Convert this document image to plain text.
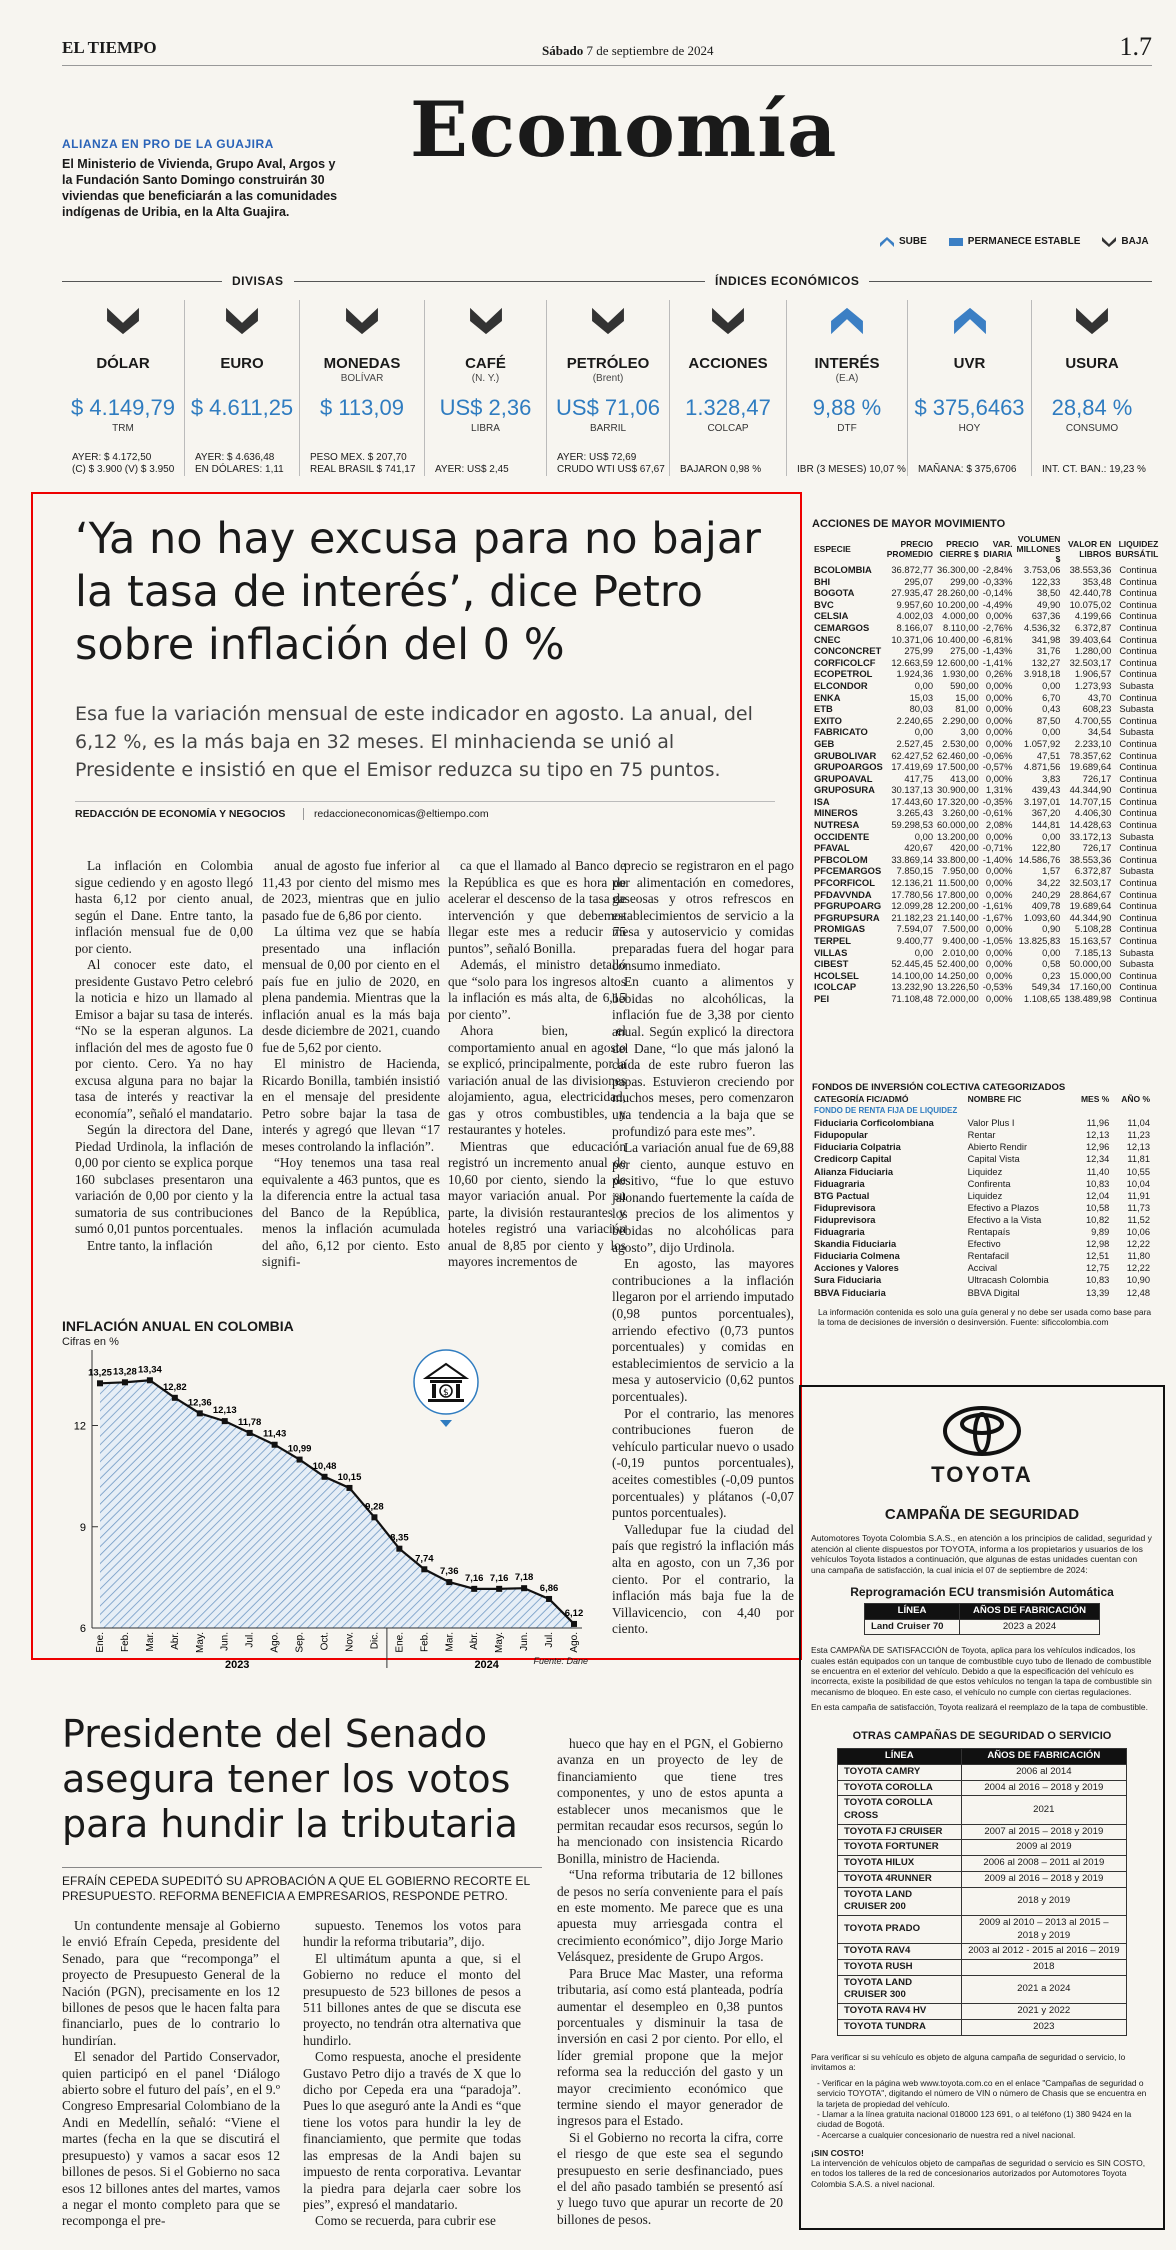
EL TIEMPO	Sábado 7 de septiembre de 2024	1.7
Economía
ALIANZA EN PRO DE LA GUAJIRA
El Ministerio de Vivienda, Grupo Aval, Argos y la Fundación Santo Domingo construirán 30 viviendas que beneficiarán a las comunidades indígenas de Uribia, en la Alta Guajira.
SUBE	PERMANECE ESTABLE	BAJA
DIVISAS	ÍNDICES ECONÓMICOS
DÓLAR
$ 4.149,79
TRM
AYER: $ 4.172,50
(C) $ 3.900 (V) $ 3.950
EURO
$ 4.611,25
AYER: $ 4.636,48
EN DÓLARES: 1,11
MONEDAS
BOLÍVAR
$ 113,09
PESO MEX. $ 207,70
REAL BRASIL $ 741,17
CAFÉ
(N. Y.)
US$ 2,36
LIBRA
AYER: US$ 2,45
PETRÓLEO
(Brent)
US$ 71,06
BARRIL
AYER: US$ 72,69
CRUDO WTI US$ 67,67
ACCIONES
1.328,47
COLCAP
BAJARON 0,98 %
INTERÉS
(E.A)
9,88 %
DTF
IBR (3 MESES) 10,07 %
UVR
$ 375,6463
HOY
MAÑANA: $ 375,6706
USURA
28,84 %
CONSUMO
INT. CT. BAN.: 19,23 %
‘Ya no hay excusa para no bajar la tasa de interés’, dice Petro sobre inflación del 0 %
Esa fue la variación mensual de este indicador en agosto. La anual, del 6,12 %, es la más baja en 32 meses. El minhacienda se unió al Presidente e insistió en que el Emisor reduzca su tipo en 75 puntos.
REDACCIÓN DE ECONOMÍA Y NEGOCIOS	redaccioneconomicas@eltiempo.com

La inflación en Colombia sigue cediendo y en agosto llegó hasta 6,12 por ciento anual, según el Dane. Entre tanto, la inflación mensual fue de 0,00 por ciento.

Al conocer este dato, el presidente Gustavo Petro celebró la noticia e hizo un llamado al Emisor a bajar su tasa de interés. “No se la esperan algunos. La inflación del mes de agosto fue 0 por ciento. Cero. Ya no hay excusa alguna para no bajar la tasa de interés y reactivar la economía”, señaló el mandatario.

Según la directora del Dane, Piedad Urdinola, la inflación de 0,00 por ciento se explica porque 160 subclases presentaron una variación de 0,00 por ciento y la sumatoria de sus contribuciones sumó 0,01 puntos porcentuales.

Entre tanto, la inflación

anual de agosto fue inferior al 11,43 por ciento del mismo mes de 2023, mientras que en julio pasado fue de 6,86 por ciento.

La última vez que se había presentado una inflación mensual de 0,00 por ciento en el país fue en julio de 2020, en plena pandemia. Mientras que la inflación anual es la más baja desde diciembre de 2021, cuando fue de 5,62 por ciento.

El ministro de Hacienda, Ricardo Bonilla, también insistió en el mensaje del presidente Petro sobre bajar la tasa de interés y agregó que llevan “17 meses controlando la inflación”.

“Hoy tenemos una tasa real equivalente a 463 puntos, que es la diferencia entre la actual tasa del Banco de la República, menos la inflación acumulada del año, 6,12 por ciento. Esto signifi-

ca que el llamado al Banco de la República es que es hora de acelerar el descenso de la tasa de intervención y que debemos llegar este mes a reducir 75 puntos”, señaló Bonilla.

Además, el ministro detalló que “solo para los ingresos altos la inflación es más alta, de 6,15 por ciento”.

Ahora bien, el comportamiento anual en agosto se explicó, principalmente, por la variación anual de las divisiones alojamiento, agua, electricidad, gas y otros combustibles, y restaurantes y hoteles.

Mientras que educación registró un incremento anual de 10,60 por ciento, siendo la de mayor variación anual. Por su parte, la división restaurantes y hoteles registró una variación anual de 8,85 por ciento y los mayores incrementos de

precio se registraron en el pago por alimentación en comedores, gaseosas y otros refrescos en establecimientos de servicio a la mesa y autoservicio y comidas preparadas fuera del hogar para consumo inmediato.

En cuanto a alimentos y bebidas no alcohólicas, la inflación fue de 3,38 por ciento anual. Según explicó la directora del Dane, “lo que más jalonó la caída de este rubro fueron las papas. Estuvieron creciendo por muchos meses, pero comenzaron una tendencia a la baja que se profundizó para este mes”.

La variación anual fue de 69,88 por ciento, aunque estuvo en positivo, “fue lo que estuvo jalonando fuertemente la caída de los precios de los alimentos y bebidas no alcohólicas para agosto”, dijo Urdinola.

En agosto, las mayores contribuciones a la inflación llegaron por el arriendo imputado (0,98 puntos porcentuales), arriendo efectivo (0,73 puntos porcentuales) y comidas en establecimientos de servicio a la mesa y autoservicio (0,62 puntos porcentuales).

Por el contrario, las menores contribuciones fueron de vehículo particular nuevo o usado (-0,19 puntos porcentuales), aceites comestibles (-0,09 puntos porcentuales) y plátanos (-0,07 puntos porcentuales).

Valledupar fue la ciudad del país que registró la inflación más alta en agosto, con un 7,36 por ciento. Por el contrario, la inflación más baja fue la de Villavicencio, con 4,40 por ciento.

INFLACIÓN ANUAL EN COLOMBIA
Cifras en %
6
9
12
13,25
Ene.
13,28
Feb.
13,34
Mar.
12,82
Abr.
12,36
May.
12,13
Jun.
11,78
Jul.
11,43
Ago.
10,99
Sep.
10,48
Oct.
10,15
Nov.
9,28
Dic.
8,35
Ene.
7,74
Feb.
7,36
Mar.
7,16
Abr.
7,16
May.
7,18
Jun.
6,86
Jul.
6,12
Ago.
2023	2024
$
Fuente: Dane
ACCIONES DE MAYOR MOVIMIENTO
ESPECIE	PRECIO PROMEDIO	PRECIO CIERRE $	VAR. DIARIA	VOLUMEN MILLONES $	VALOR EN LIBROS	LIQUIDEZ BURSÁTIL
BCOLOMBIA	36.872,77	36.300,00	-2,84%	3.753,06	38.553,36	Continua
BHI	295,07	299,00	-0,33%	122,33	353,48	Continua
BOGOTA	27.935,47	28.260,00	-0,14%	38,50	42.440,78	Continua
BVC	9.957,60	10.200,00	-4,49%	49,90	10.075,02	Continua
CELSIA	4.002,03	4.000,00	0,00%	637,36	4.199,66	Continua
CEMARGOS	8.166,07	8.110,00	-2,76%	4.536,32	6.372,87	Continua
CNEC	10.371,06	10.400,00	-6,81%	341,98	39.403,64	Continua
CONCONCRET	275,99	275,00	-1,43%	31,76	1.280,00	Continua
CORFICOLCF	12.663,59	12.600,00	-1,41%	132,27	32.503,17	Continua
ECOPETROL	1.924,36	1.930,00	0,26%	3.918,18	1.906,57	Continua
ELCONDOR	0,00	590,00	0,00%	0,00	1.273,93	Subasta
ENKA	15,03	15,00	0,00%	6,70	43,70	Continua
ETB	80,03	81,00	0,00%	0,43	608,23	Subasta
EXITO	2.240,65	2.290,00	0,00%	87,50	4.700,55	Continua
FABRICATO	0,00	3,00	0,00%	0,00	34,54	Subasta
GEB	2.527,45	2.530,00	0,00%	1.057,92	2.233,10	Continua
GRUBOLIVAR	62.427,52	62.460,00	-0,06%	47,51	78.357,62	Continua
GRUPOARGOS	17.419,69	17.500,00	-0,57%	4.871,56	19.689,64	Continua
GRUPOAVAL	417,75	413,00	0,00%	3,83	726,17	Continua
GRUPOSURA	30.137,13	30.900,00	1,31%	439,43	44.344,90	Continua
ISA	17.443,60	17.320,00	-0,35%	3.197,01	14.707,15	Continua
MINEROS	3.265,43	3.260,00	-0,61%	367,20	4.406,30	Continua
NUTRESA	59.298,53	60.000,00	2,08%	144,81	14.428,63	Continua
OCCIDENTE	0,00	13.200,00	0,00%	0,00	33.172,13	Subasta
PFAVAL	420,67	420,00	-0,71%	122,80	726,17	Continua
PFBCOLOM	33.869,14	33.800,00	-1,40%	14.586,76	38.553,36	Continua
PFCEMARGOS	7.850,15	7.950,00	0,00%	1,57	6.372,87	Subasta
PFCORFICOL	12.136,21	11.500,00	0,00%	34,22	32.503,17	Continua
PFDAVVNDA	17.780,56	17.800,00	0,00%	240,29	28.864,67	Continua
PFGRUPOARG	12.099,28	12.200,00	-1,61%	409,78	19.689,64	Continua
PFGRUPSURA	21.182,23	21.140,00	-1,67%	1.093,60	44.344,90	Continua
PROMIGAS	7.594,07	7.500,00	0,00%	0,90	5.108,28	Continua
TERPEL	9.400,77	9.400,00	-1,05%	13.825,83	15.163,57	Continua
VILLAS	0,00	2.010,00	0,00%	0,00	7.185,13	Subasta
CIBEST	52.445,45	52.400,00	0,00%	0,58	50.000,00	Subasta
HCOLSEL	14.100,00	14.250,00	0,00%	0,23	15.000,00	Continua
ICOLCAP	13.232,90	13.226,50	-0,53%	549,34	17.160,00	Continua
PEI	71.108,48	72.000,00	0,00%	1.108,65	138.489,98	Continua
FONDOS DE INVERSIÓN COLECTIVA CATEGORIZADOS
CATEGORÍA FIC/ADMÓ	NOMBRE FIC	MES %	AÑO %
FONDO DE RENTA FIJA DE LIQUIDEZ			
Fiduciaria Corficolombiana	Valor Plus I	11,96	11,04
Fidupopular	Rentar	12,13	11,23
Fiduciaria Colpatria	Abierto Rendir	12,96	12,13
Credicorp Capital	Capital Vista	12,34	11,81
Alianza Fiduciaria	Liquidez	11,40	10,55
Fiduagraria	Confirenta	10,83	10,04
BTG Pactual	Liquidez	12,04	11,91
Fiduprevisora	Efectivo a Plazos	10,58	11,73
Fiduprevisora	Efectivo a la Vista	10,82	11,52
Fiduagraria	Rentapaís	9,89	10,06
Skandia Fiduciaria	Efectivo	12,98	12,22
Fiduciaria Colmena	Rentafacil	12,51	11,80
Acciones y Valores	Accival	12,75	12,22
Sura Fiduciaria	Ultracash Colombia	10,83	10,90
BBVA Fiduciaria	BBVA Digital	13,39	12,48
La información contenida es solo una guía general y no debe ser usada como base para la toma de decisiones de inversión o desinversión. Fuente: sificcolombia.com
TOYOTA
CAMPAÑA DE SEGURIDAD
Automotores Toyota Colombia S.A.S., en atención a los principios de calidad, seguridad y atención al cliente dispuestos por TOYOTA, informa a los propietarios y usuarios de los vehículos Toyota listados a continuación, que algunas de estas unidades cuentan con una campaña de satisfacción, la cual inicia el 07 de septiembre de 2024:
Reprogramación ECU transmisión Automática
LÍNEA	AÑOS DE FABRICACIÓN
Land Cruiser 70	2023 a 2024
Esta CAMPAÑA DE SATISFACCIÓN de Toyota, aplica para los vehículos indicados, los cuales están equipados con un tanque de combustible cuyo tubo de llenado de combustible se encuentra en el exterior del vehículo. Debido a que la especificación del vehículo es incorrecta, existe la posibilidad de que estos vehículos no tengan la tapa de combustible sin mecanismo de bloqueo. En este caso, el vehículo no cumple con ciertas regulaciones.
En esta campaña de satisfacción, Toyota realizará el reemplazo de la tapa de combustible.
OTRAS CAMPAÑAS DE SEGURIDAD O SERVICIO
LÍNEA	AÑOS DE FABRICACIÓN
TOYOTA CAMRY	2006 al 2014
TOYOTA COROLLA	2004 al 2016 – 2018 y 2019
TOYOTA COROLLA CROSS	2021
TOYOTA FJ CRUISER	2007 al 2015 – 2018 y 2019
TOYOTA FORTUNER	2009 al 2019
TOYOTA HILUX	2006 al 2008 – 2011 al 2019
TOYOTA 4RUNNER	2009 al 2016 – 2018 y 2019
TOYOTA LAND CRUISER 200	2018 y 2019
TOYOTA PRADO	2009 al 2010 – 2013 al 2015 – 2018 y 2019
TOYOTA RAV4	2003 al 2012 - 2015 al 2016 – 2019
TOYOTA RUSH	2018
TOYOTA LAND CRUISER 300	2021 a 2024
TOYOTA RAV4 HV	2021 y 2022
TOYOTA TUNDRA	2023
Para verificar si su vehículo es objeto de alguna campaña de seguridad o servicio, lo invitamos a:
- Verificar en la página web www.toyota.com.co en el enlace "Campañas de seguridad o servicio TOYOTA", digitando el número de VIN o número de Chasis que se encuentra en la tarjeta de propiedad del vehículo.
- Llamar a la línea gratuita nacional 018000 123 691, o al teléfono (1) 380 9424 en la ciudad de Bogotá.
- Acercarse a cualquier concesionario de nuestra red a nivel nacional.
¡SIN COSTO!
La intervención de vehículos objeto de campañas de seguridad o servicio es SIN COSTO, en todos los talleres de la red de concesionarios autorizados por Automotores Toyota Colombia S.A.S. a nivel nacional.
Presidente del Senado asegura tener los votos para hundir la tributaria
EFRAÍN CEPEDA SUPEDITÓ SU APROBACIÓN A QUE EL GOBIERNO RECORTE EL PRESUPUESTO. REFORMA BENEFICIA A EMPRESARIOS, RESPONDE PETRO.

Un contundente mensaje al Gobierno le envió Efraín Cepeda, presidente del Senado, para que “recomponga” el proyecto de Presupuesto General de la Nación (PGN), precisamente en los 12 billones de pesos que le hacen falta para financiarlo, pues de lo contrario lo hundirían.

El senador del Partido Conservador, quien participó en el panel ‘Diálogo abierto sobre el futuro del país’, en el 9.º Congreso Empresarial Colombiano de la Andi en Medellín, señaló: “Viene el martes (fecha en la que se discutirá el presupuesto) y vamos a sacar esos 12 billones de pesos. Si el Gobierno no saca esos 12 billones antes del martes, vamos a negar el monto completo para que se recomponga el pre-

supuesto. Tenemos los votos para hundir la reforma tributaria”, dijo.

El ultimátum apunta a que, si el Gobierno no reduce el monto del presupuesto de 523 billones de pesos a 511 billones antes de que se discuta ese proyecto, no tendrán otra alternativa que hundirlo.

Como respuesta, anoche el presidente Gustavo Petro dijo a través de X que lo dicho por Cepeda era una “paradoja”. Pues lo que aseguró ante la Andi es “que tiene los votos para hundir la ley de financiamiento, que permite que todas las empresas de la Andi bajen su impuesto de renta corporativa. Levantar la piedra para dejarla caer sobre los pies”, expresó el mandatario.

Como se recuerda, para cubrir ese

hueco que hay en el PGN, el Gobierno avanza en un proyecto de ley de financiamiento que tiene tres componentes, y uno de estos apunta a establecer unos mecanismos que le permitan recaudar esos recursos, según lo ha mencionado con insistencia Ricardo Bonilla, ministro de Hacienda.

“Una reforma tributaria de 12 billones de pesos no sería conveniente para el país en este momento. Me parece que es una apuesta muy arriesgada contra el crecimiento económico”, dijo Jorge Mario Velásquez, presidente de Grupo Argos.

Para Bruce Mac Master, una reforma tributaria, así como está planteada, podría aumentar el desempleo en 0,38 puntos porcentuales y disminuir la tasa de inversión en casi 2 por ciento. Por ello, el líder gremial propone que la mejor reforma sea la reducción del gasto y un mayor crecimiento económico que termine siendo el mayor generador de ingresos para el Estado.

Si el Gobierno no recorta la cifra, corre el riesgo de que este sea el segundo presupuesto en serie desfinanciado, pues el del año pasado también se presentó así y luego tuvo que apurar un recorte de 20 billones de pesos.
